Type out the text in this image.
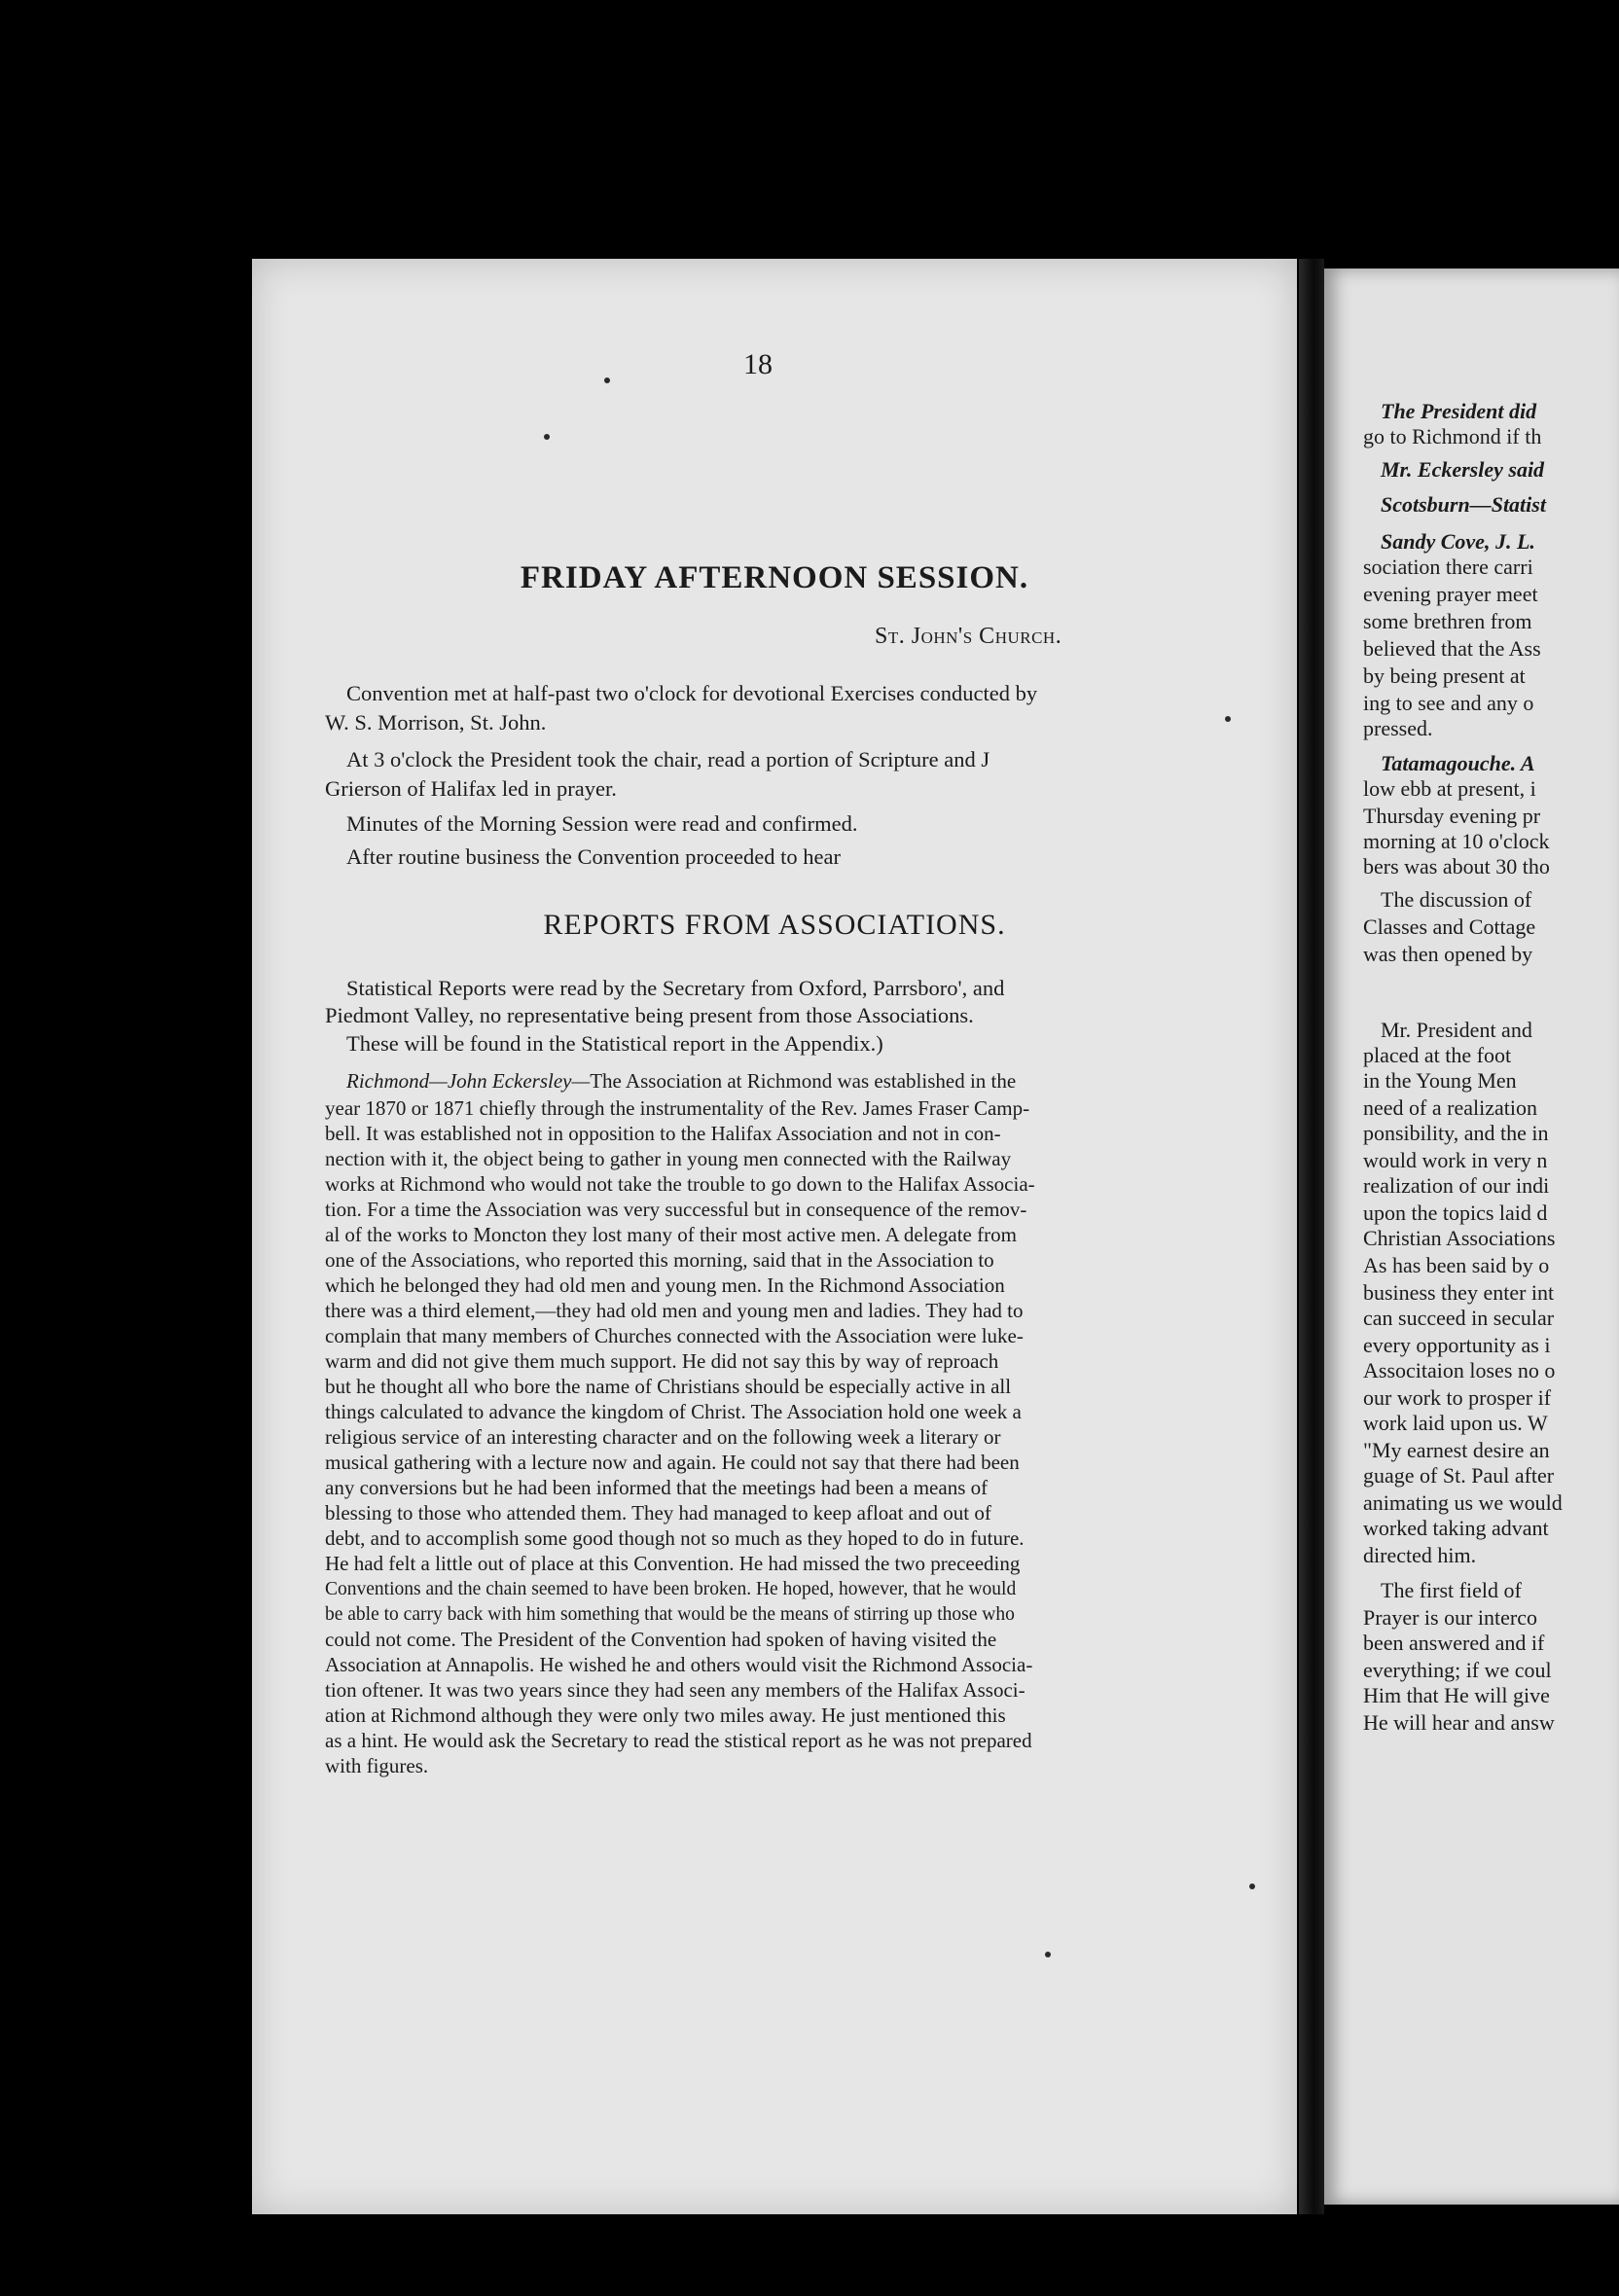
18
FRIDAY AFTERNOON SESSION.
St. John's Church.
Convention met at half-past two o'clock for devotional Exercises conducted by
W. S. Morrison, St. John.
At 3 o'clock the President took the chair, read a portion of Scripture and J
Grierson of Halifax led in prayer.
Minutes of the Morning Session were read and confirmed.
After routine business the Convention proceeded to hear
REPORTS FROM ASSOCIATIONS.
Statistical Reports were read by the Secretary from Oxford, Parrsboro', and
Piedmont Valley, no representative being present from those Associations.
These will be found in the Statistical report in the Appendix.)
Richmond—John Eckersley—The Association at Richmond was established in the
year 1870 or 1871 chiefly through the instrumentality of the Rev. James Fraser Camp-
bell. It was established not in opposition to the Halifax Association and not in con-
nection with it, the object being to gather in young men connected with the Railway
works at Richmond who would not take the trouble to go down to the Halifax Associa-
tion. For a time the Association was very successful but in consequence of the remov-
al of the works to Moncton they lost many of their most active men. A delegate from
one of the Associations, who reported this morning, said that in the Association to
which he belonged they had old men and young men. In the Richmond Association
there was a third element,—they had old men and young men and ladies. They had to
complain that many members of Churches connected with the Association were luke-
warm and did not give them much support. He did not say this by way of reproach
but he thought all who bore the name of Christians should be especially active in all
things calculated to advance the kingdom of Christ. The Association hold one week a
religious service of an interesting character and on the following week a literary or
musical gathering with a lecture now and again. He could not say that there had been
any conversions but he had been informed that the meetings had been a means of
blessing to those who attended them. They had managed to keep afloat and out of
debt, and to accomplish some good though not so much as they hoped to do in future.
He had felt a little out of place at this Convention. He had missed the two preceeding
Conventions and the chain seemed to have been broken. He hoped, however, that he would
be able to carry back with him something that would be the means of stirring up those who
could not come. The President of the Convention had spoken of having visited the
Association at Annapolis. He wished he and others would visit the Richmond Associa-
tion oftener. It was two years since they had seen any members of the Halifax Associ-
ation at Richmond although they were only two miles away. He just mentioned this
as a hint. He would ask the Secretary to read the stistical report as he was not prepared
with figures.
The President did
go to Richmond if th
Mr. Eckersley said
Scotsburn—Statist
Sandy Cove, J. L.
sociation there carri
evening prayer meet
some brethren from
believed that the Ass
by being present at
ing to see and any o
pressed.
Tatamagouche. A
low ebb at present, i
Thursday evening pr
morning at 10 o'clock
bers was about 30 tho
The discussion of
Classes and Cottage
was then opened by
Mr. President and
placed at the foot
in the Young Men
need of a realization
ponsibility, and the in
would work in very n
realization of our indi
upon the topics laid d
Christian Associations
As has been said by o
business they enter int
can succeed in secular
every opportunity as i
Associtaion loses no o
our work to prosper if
work laid upon us. W
"My earnest desire an
guage of St. Paul after
animating us we would
worked taking advant
directed him.
The first field of
Prayer is our interco
been answered and if
everything; if we coul
Him that He will give
He will hear and answ
